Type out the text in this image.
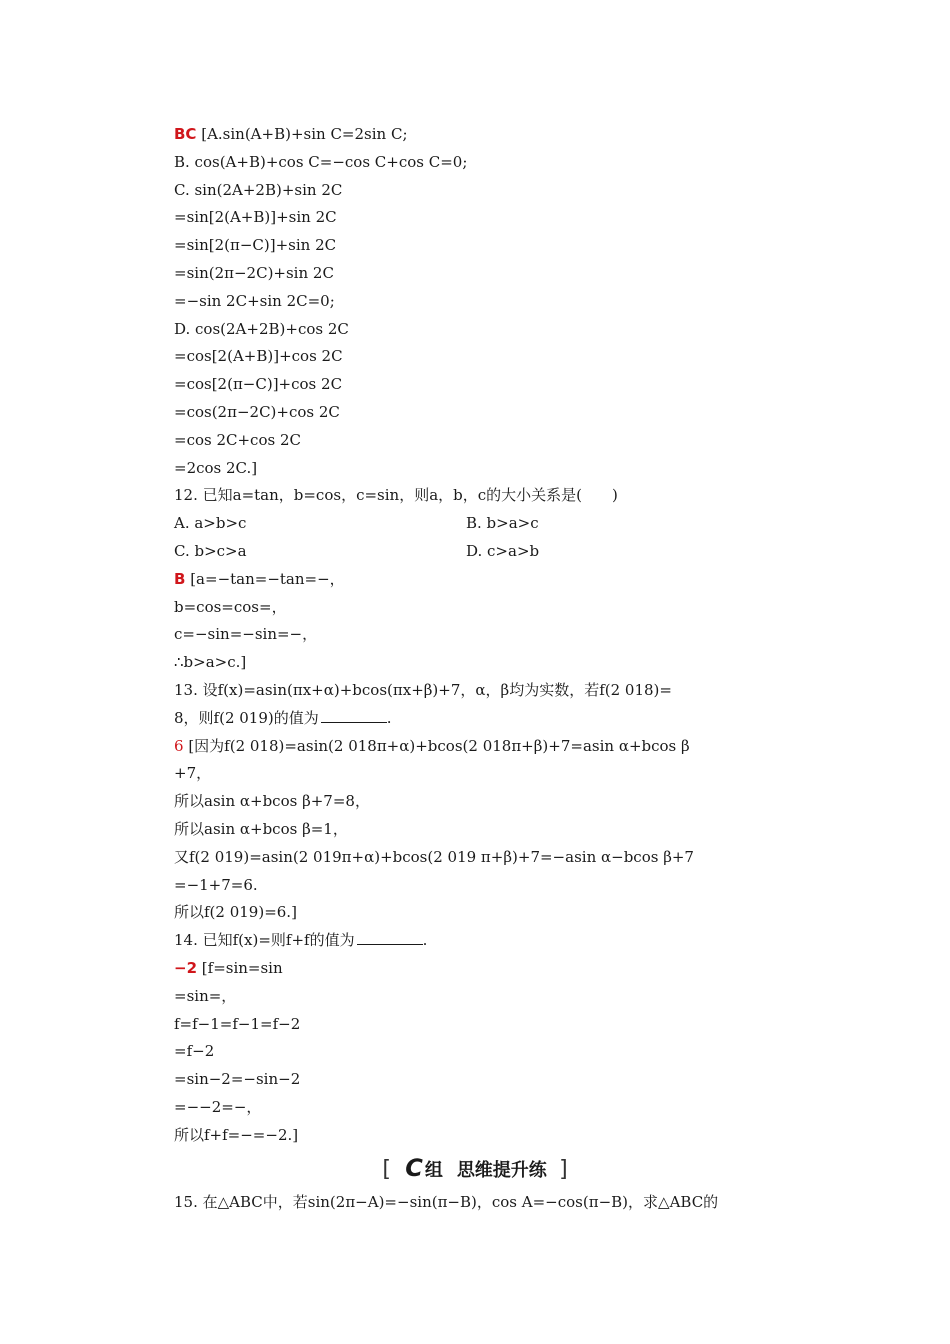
BC [A.sin(A+B)+sin C=2sin C;
B. cos(A+B)+cos C=−cos C+cos C=0;
C. sin(2A+2B)+sin 2C
=sin[2(A+B)]+sin 2C
=sin[2(π−C)]+sin 2C
=sin(2π−2C)+sin 2C
=−sin 2C+sin 2C=0;
D. cos(2A+2B)+cos 2C
=cos[2(A+B)]+cos 2C
=cos[2(π−C)]+cos 2C
=cos(2π−2C)+cos 2C
=cos 2C+cos 2C
=2cos 2C.]
12. 已知a=tan，b=cos，c=sin，则a，b，c的大小关系是(　　)
A. a>b>c	B. b>a>c
C. b>c>a	D. c>a>b
B [a=−tan=−tan=−，
b=cos=cos=，
c=−sin=−sin=−，
∴b>a>c.]
13. 设f(x)=asin(πx+α)+bcos(πx+β)+7，α，β均为实数，若f(2 018)=
8，则f(2 019)的值为	.
6 [因为f(2 018)=asin(2 018π+α)+bcos(2 018π+β)+7=asin α+bcos β
+7，
所以asin α+bcos β+7=8，
所以asin α+bcos β=1，
又f(2 019)=asin(2 019π+α)+bcos(2 019 π+β)+7=−asin α−bcos β+7
=−1+7=6.
所以f(2 019)=6.]
14. 已知f(x)=则f+f的值为	.
−2 [f=sin=sin
=sin=，
f=f−1=f−1=f−2
=f−2
=sin−2=−sin−2
=−−2=−，
所以f+f=−=−2.]
[ C 组 思维提升练 ]
15. 在△ABC中，若sin(2π−A)=−sin(π−B)，cos A=−cos(π−B)，求△ABC的
